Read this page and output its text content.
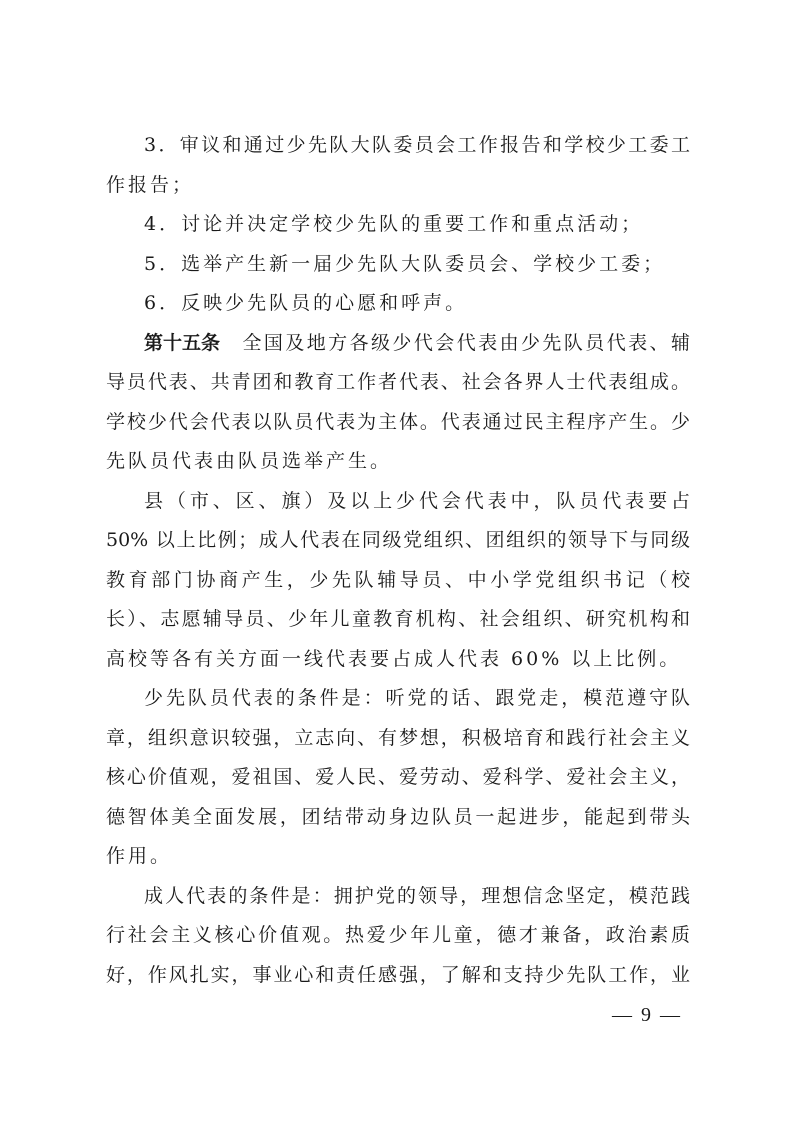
3．审议和通过少先队大队委员会工作报告和学校少工委工
作报告；
4．讨论并决定学校少先队的重要工作和重点活动；
5．选举产生新一届少先队大队委员会、学校少工委；
6．反映少先队员的心愿和呼声。
第十五条 全国及地方各级少代会代表由少先队员代表、辅
导员代表、共青团和教育工作者代表、社会各界人士代表组成。
学校少代会代表以队员代表为主体。代表通过民主程序产生。少
先队员代表由队员选举产生。
县（市、区、旗）及以上少代会代表中，队员代表要占
50% 以上比例；成人代表在同级党组织、团组织的领导下与同级
教育部门协商产生，少先队辅导员、中小学党组织书记（校
长）、志愿辅导员、少年儿童教育机构、社会组织、研究机构和
高校等各有关方面一线代表要占成人代表 60% 以上比例。
少先队员代表的条件是：听党的话、跟党走，模范遵守队
章，组织意识较强，立志向、有梦想，积极培育和践行社会主义
核心价值观，爱祖国、爱人民、爱劳动、爱科学、爱社会主义，
德智体美全面发展，团结带动身边队员一起进步，能起到带头
作用。
成人代表的条件是：拥护党的领导，理想信念坚定，模范践
行社会主义核心价值观。热爱少年儿童，德才兼备，政治素质
好，作风扎实，事业心和责任感强，了解和支持少先队工作，业
— 9 —
